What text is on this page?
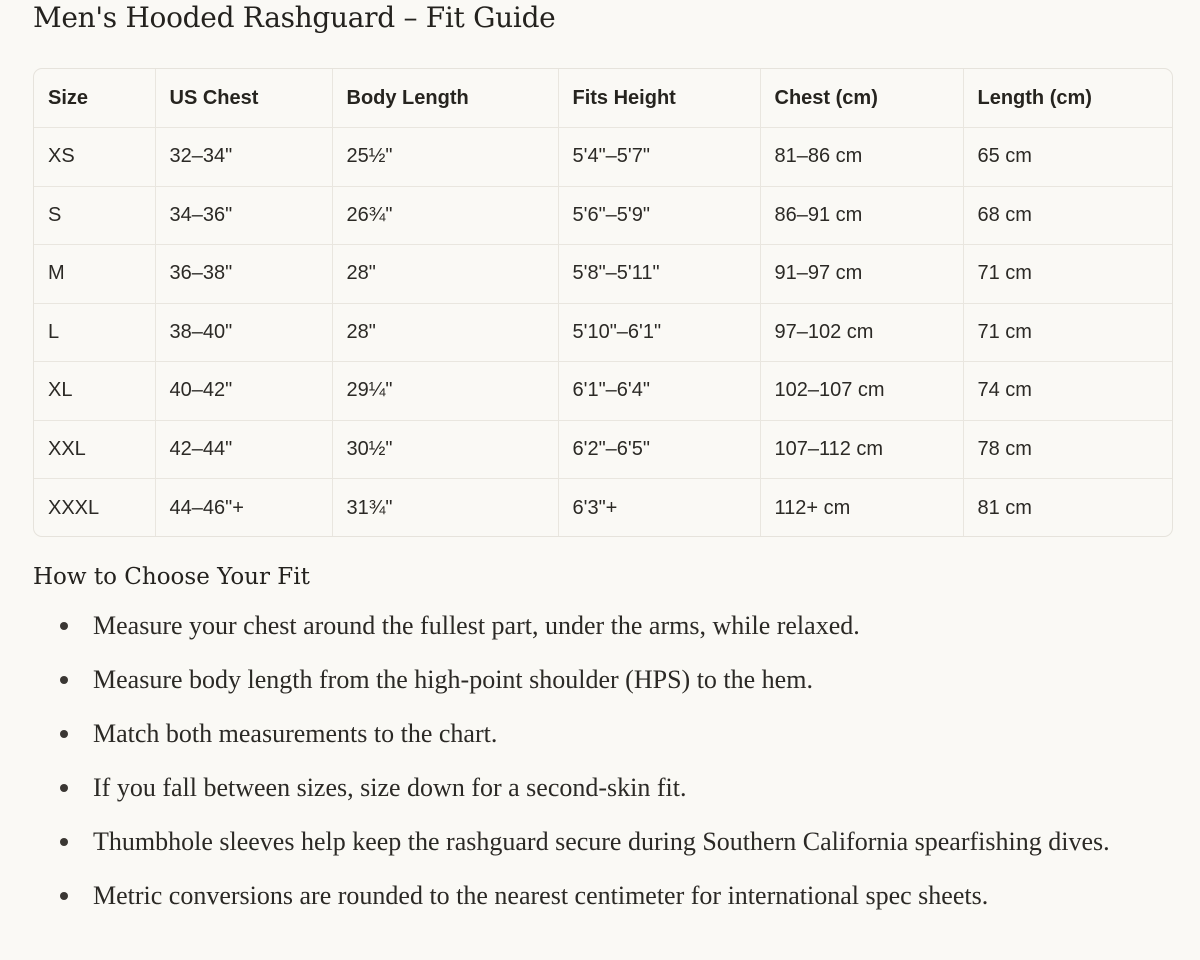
Men's Hooded Rashguard – Fit Guide
Size	US Chest	Body Length	Fits Height	Chest (cm)	Length (cm)
XS	32–34"	25½"	5'4"–5'7"	81–86 cm	65 cm
S	34–36"	26¾"	5'6"–5'9"	86–91 cm	68 cm
M	36–38"	28"	5'8"–5'11"	91–97 cm	71 cm
L	38–40"	28"	5'10"–6'1"	97–102 cm	71 cm
XL	40–42"	29¼"	6'1"–6'4"	102–107 cm	74 cm
XXL	42–44"	30½"	6'2"–6'5"	107–112 cm	78 cm
XXXL	44–46"+	31¾"	6'3"+	112+ cm	81 cm
How to Choose Your Fit
Measure your chest around the fullest part, under the arms, while relaxed.
Measure body length from the high-point shoulder (HPS) to the hem.
Match both measurements to the chart.
If you fall between sizes, size down for a second-skin fit.
Thumbhole sleeves help keep the rashguard secure during Southern California spearfishing dives.
Metric conversions are rounded to the nearest centimeter for international spec sheets.
